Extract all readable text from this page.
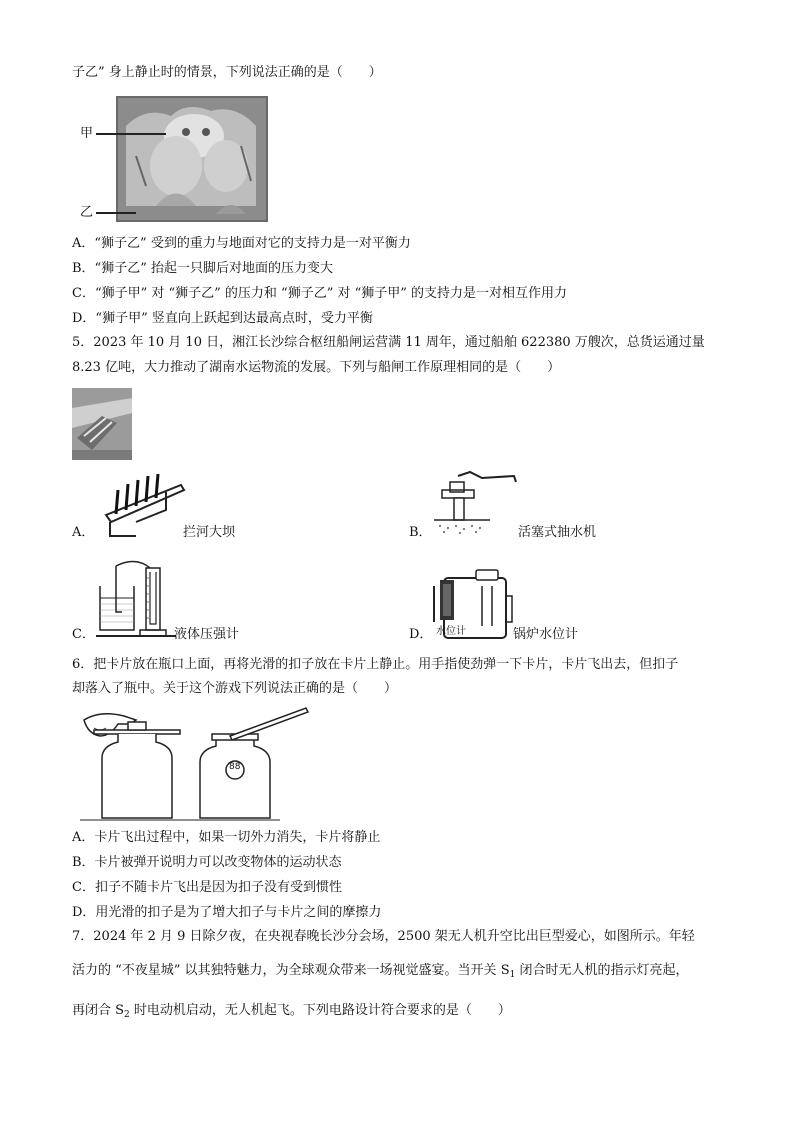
子乙” 身上静止时的情景，下列说法正确的是（　　）
甲
乙
A．“狮子乙” 受到的重力与地面对它的支持力是一对平衡力
B．“狮子乙” 抬起一只脚后对地面的压力变大
C．“狮子甲” 对 “狮子乙” 的压力和 “狮子乙” 对 “狮子甲” 的支持力是一对相互作用力
D．“狮子甲” 竖直向上跃起到达最高点时，受力平衡
5．2023 年 10 月 10 日，湘江长沙综合枢纽船闸运营满 11 周年，通过船舶 622380 万艘次，总货运通过量
8.23 亿吨，大力推动了湖南水运物流的发展。下列与船闸工作原理相同的是（　　）
A．	拦河大坝	B．	活塞式抽水机
C．	液体压强计	D． 水位计	锅炉水位计
6．把卡片放在瓶口上面，再将光滑的扣子放在卡片上静止。用手指使劲弹一下卡片，卡片飞出去，但扣子
却落入了瓶中。关于这个游戏下列说法正确的是（　　）
88
A．卡片飞出过程中，如果一切外力消失，卡片将静止
B．卡片被弹开说明力可以改变物体的运动状态
C．扣子不随卡片飞出是因为扣子没有受到惯性
D．用光滑的扣子是为了增大扣子与卡片之间的摩擦力
7．2024 年 2 月 9 日除夕夜，在央视春晚长沙分会场，2500 架无人机升空比出巨型爱心，如图所示。年轻
活力的 “不夜星城” 以其独特魅力，为全球观众带来一场视觉盛宴。当开关 $S_1$ 闭合时无人机的指示灯亮起，
再闭合 $S_2$ 时电动机启动，无人机起飞。下列电路设计符合要求的是（　　）
